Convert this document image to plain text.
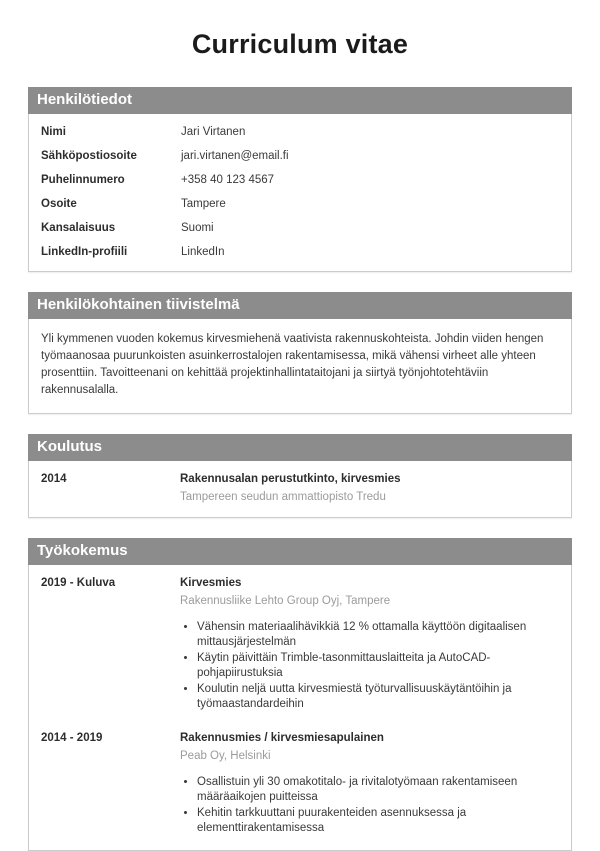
Curriculum vitae
Henkilötiedot
Nimi	Jari Virtanen
Sähköpostiosoite	jari.virtanen@email.fi
Puhelinnumero	+358 40 123 4567
Osoite	Tampere
Kansalaisuus	Suomi
LinkedIn-profiili	LinkedIn
Henkilökohtainen tiivistelmä

Yli kymmenen vuoden kokemus kirvesmiehenä vaativista rakennuskohteista. Johdin viiden hengen työmaanosaa puurunkoisten asuinkerrostalojen rakentamisessa, mikä vähensi virheet alle yhteen prosenttiin. Tavoitteenani on kehittää projektinhallintataitojani ja siirtyä työnjohtotehtäviin rakennusalalla.

Koulutus
2014	Rakennusalan perustutkinto, kirvesmies
Tampereen seudun ammattiopisto Tredu
Työkokemus
2019 - Kuluva	Kirvesmies
Rakennusliike Lehto Group Oyj, Tampere
• Vähensin materiaalihävikkiä 12 % ottamalla käyttöön digitaalisen mittausjärjestelmän
• Käytin päivittäin Trimble-tasonmittauslaitteita ja AutoCAD-pohjapiirustuksia
• Koulutin neljä uutta kirvesmiestä työturvallisuuskäytäntöihin ja työmaastandardeihin
2014 - 2019	Rakennusmies / kirvesmiesapulainen
Peab Oy, Helsinki
• Osallistuin yli 30 omakotitalo- ja rivitalotyömaan rakentamiseen määräaikojen puitteissa
• Kehitin tarkkuuttani puurakenteiden asennuksessa ja elementtirakentamisessa
